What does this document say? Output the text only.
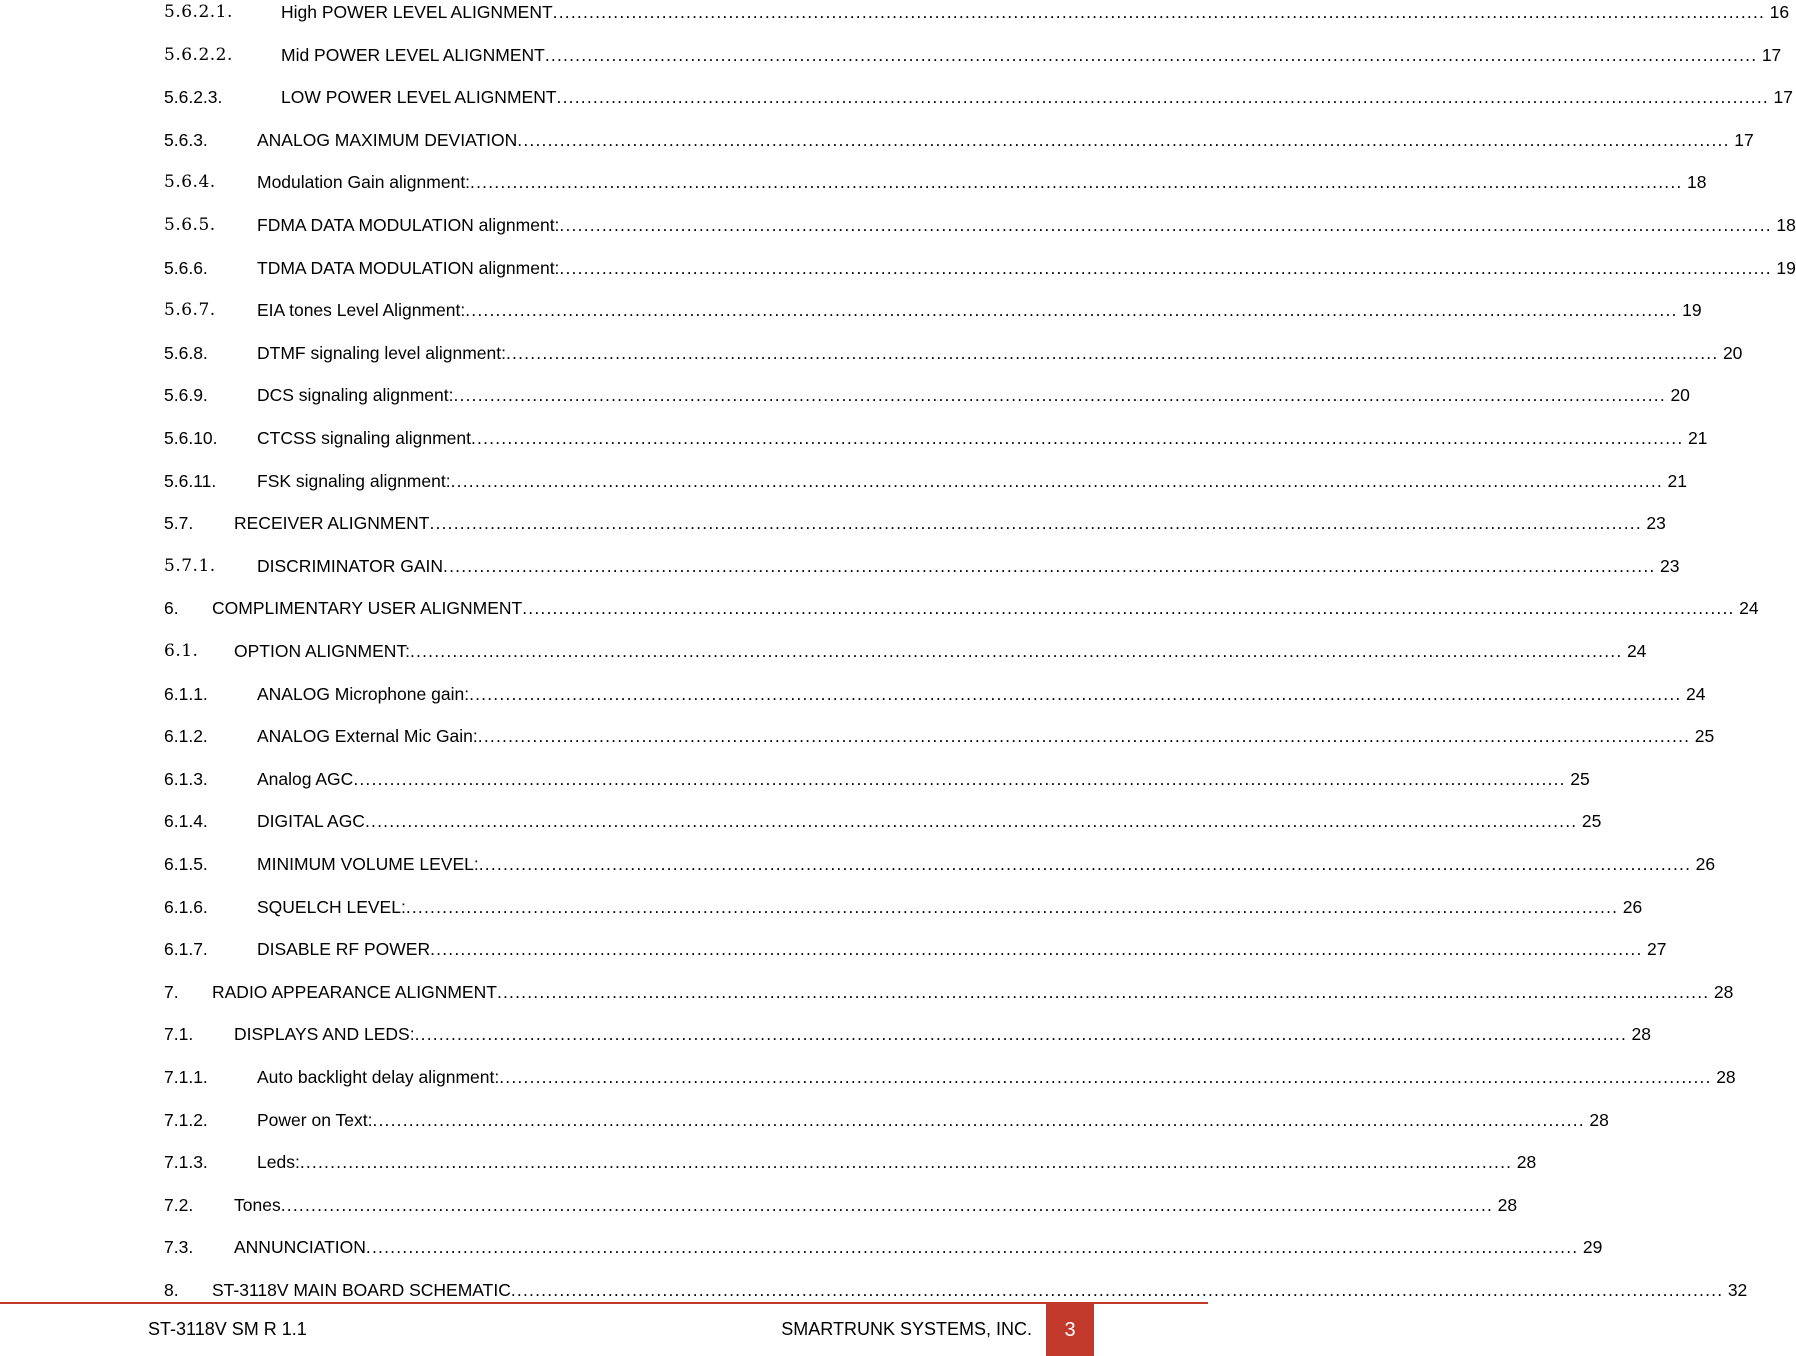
5.6.2.1.	High POWER LEVEL ALIGNMENT ........................................................................................................................................................................................................ 16
5.6.2.2.	Mid POWER LEVEL ALIGNMENT ........................................................................................................................................................................................................ 17
5.6.2.3.	LOW POWER LEVEL ALIGNMENT ........................................................................................................................................................................................................ 17
5.6.3.	ANALOG MAXIMUM DEVIATION ........................................................................................................................................................................................................ 17
5.6.4. Modulation Gain alignment: ........................................................................................................................................................................................................ 18
5.6.5. FDMA DATA MODULATION alignment: ........................................................................................................................................................................................................ 18
5.6.6.	TDMA DATA MODULATION alignment: ........................................................................................................................................................................................................ 19
5.6.7. EIA tones Level Alignment: ........................................................................................................................................................................................................ 19
5.6.8.	DTMF signaling level alignment: ........................................................................................................................................................................................................ 20
5.6.9.	DCS signaling alignment: ........................................................................................................................................................................................................ 20
5.6.10. CTCSS signaling alignment ........................................................................................................................................................................................................ 21
5.6.11. FSK signaling alignment: ........................................................................................................................................................................................................ 21
5.7. RECEIVER ALIGNMENT ........................................................................................................................................................................................................ 23
5.7.1. DISCRIMINATOR GAIN ........................................................................................................................................................................................................ 23
6. COMPLIMENTARY USER ALIGNMENT ........................................................................................................................................................................................................ 24
6.1. OPTION ALIGNMENT: ........................................................................................................................................................................................................ 24
6.1.1.	ANALOG Microphone gain: ........................................................................................................................................................................................................ 24
6.1.2.	ANALOG External Mic Gain: ........................................................................................................................................................................................................ 25
6.1.3.	Analog AGC ........................................................................................................................................................................................................ 25
6.1.4.	DIGITAL AGC ........................................................................................................................................................................................................ 25
6.1.5.	MINIMUM VOLUME LEVEL: ........................................................................................................................................................................................................ 26
6.1.6.	SQUELCH LEVEL: ........................................................................................................................................................................................................ 26
6.1.7.	DISABLE RF POWER ........................................................................................................................................................................................................ 27
7. RADIO APPEARANCE ALIGNMENT ........................................................................................................................................................................................................ 28
7.1. DISPLAYS AND LEDS: ........................................................................................................................................................................................................ 28
7.1.1.	Auto backlight delay alignment: ........................................................................................................................................................................................................ 28
7.1.2.	Power on Text: ........................................................................................................................................................................................................ 28
7.1.3.	Leds: ........................................................................................................................................................................................................ 28
7.2. Tones ........................................................................................................................................................................................................ 28
7.3. ANNUNCIATION ........................................................................................................................................................................................................ 29
8. ST-3118V MAIN BOARD SCHEMATIC ........................................................................................................................................................................................................ 32
ST-3118V SM R 1.1	SMARTRUNK SYSTEMS, INC.	3
